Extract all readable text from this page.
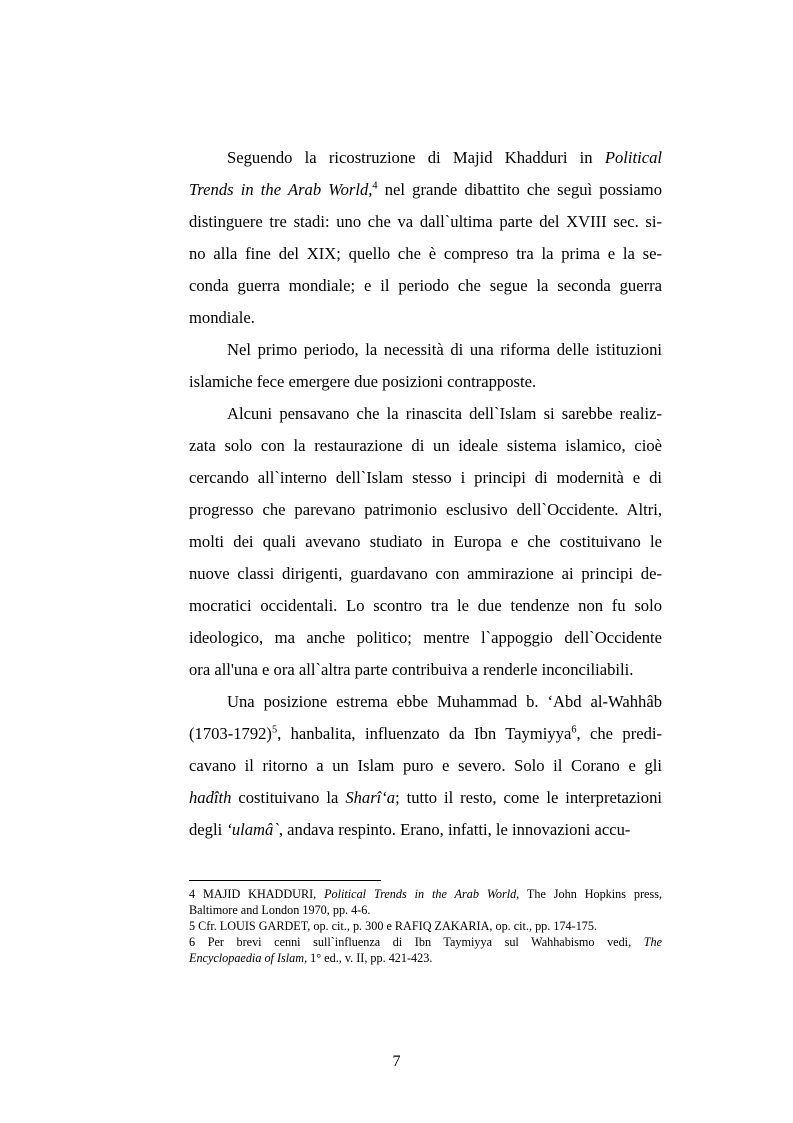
Seguendo la ricostruzione di Majid Khadduri in Political
Trends in the Arab World,$^4$ nel grande dibattito che seguì possiamo
distinguere tre stadi: uno che va dall`ultima parte del XVIII sec. si-
no alla fine del XIX; quello che è compreso tra la prima e la se-
conda guerra mondiale; e il periodo che segue la seconda guerra
mondiale.
Nel primo periodo, la necessità di una riforma delle istituzioni
islamiche fece emergere due posizioni contrapposte.
Alcuni pensavano che la rinascita dell`Islam si sarebbe realiz-
zata solo con la restaurazione di un ideale sistema islamico, cioè
cercando all`interno dell`Islam stesso i principi di modernità e di
progresso che parevano patrimonio esclusivo dell`Occidente. Altri,
molti dei quali avevano studiato in Europa e che costituivano le
nuove classi dirigenti, guardavano con ammirazione ai principi de-
mocratici occidentali. Lo scontro tra le due tendenze non fu solo
ideologico, ma anche politico; mentre l`appoggio dell`Occidente
ora all'una e ora all`altra parte contribuiva a renderle inconciliabili.
Una posizione estrema ebbe Muhammad b. ‘Abd al-Wahhâb
(1703-1792)$^5$, hanbalita, influenzato da Ibn Taymiyya$^6$, che predi-
cavano il ritorno a un Islam puro e severo. Solo il Corano e gli
hadîth costituivano la Sharî‘a; tutto il resto, come le interpretazioni
degli ‘ulamâ`, andava respinto. Erano, infatti, le innovazioni accu-
4 MAJID KHADDURI, Political Trends in the Arab World, The John Hopkins press,
Baltimore and London 1970, pp. 4-6.
5 Cfr. LOUIS GARDET, op. cit., p. 300 e RAFIQ ZAKARIA, op. cit., pp. 174-175.
6 Per brevi cenni sull`influenza di Ibn Taymiyya sul Wahhabismo vedi, The
Encyclopaedia of Islam, 1° ed., v. II, pp. 421-423.
7
